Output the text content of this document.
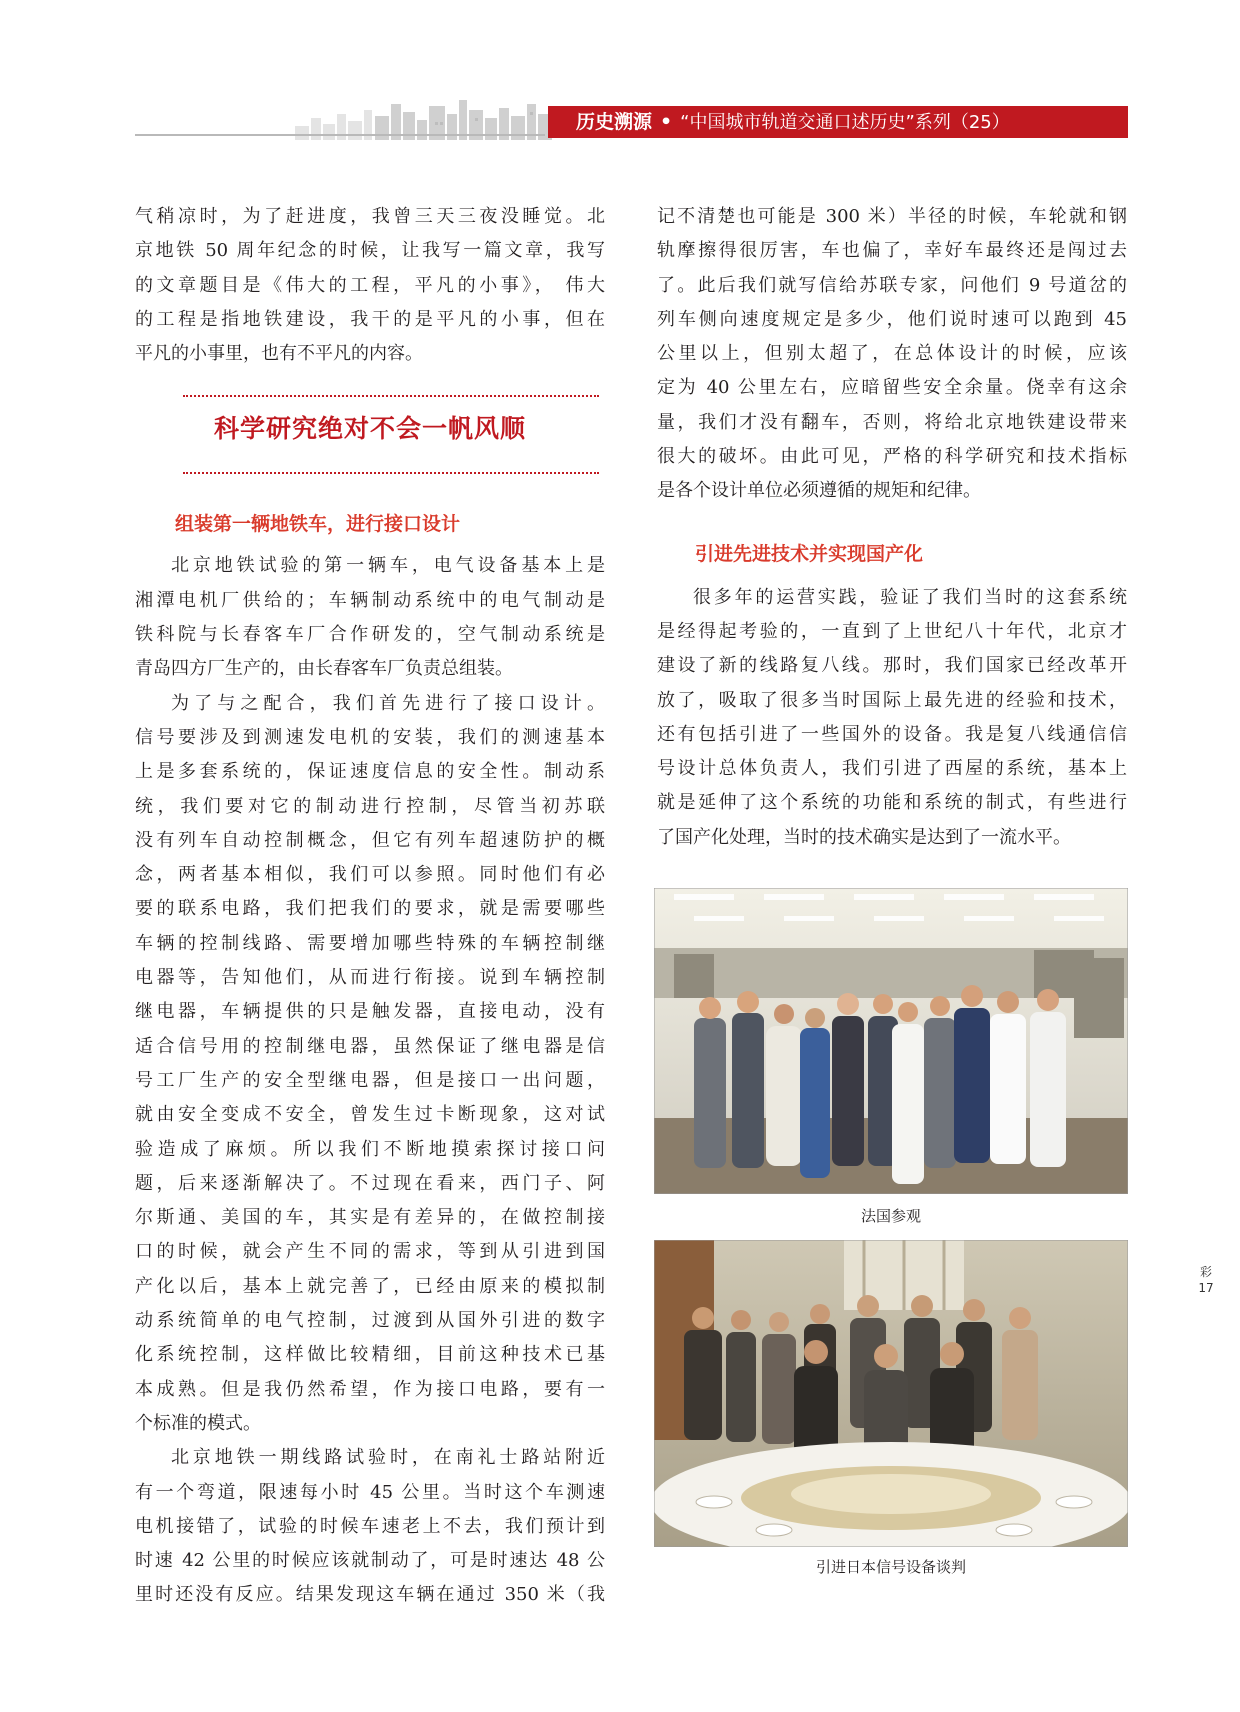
历史溯源 • “中国城市轨道交通口述历史”系列（25）

气稍凉时，为了赶进度，我曾三天三夜没睡觉。北

京地铁 50 周年纪念的时候，让我写一篇文章，我写

的文章题目是《伟大的工程，平凡的小事》， 伟大

的工程是指地铁建设，我干的是平凡的小事，但在

平凡的小事里，也有不平凡的内容。

科学研究绝对不会一帆风顺
组装第一辆地铁车，进行接口设计

北京地铁试验的第一辆车，电气设备基本上是

湘潭电机厂供给的；车辆制动系统中的电气制动是

铁科院与长春客车厂合作研发的，空气制动系统是

青岛四方厂生产的，由长春客车厂负责总组装。

为了与之配合，我们首先进行了接口设计。

信号要涉及到测速发电机的安装，我们的测速基本

上是多套系统的，保证速度信息的安全性。制动系

统，我们要对它的制动进行控制，尽管当初苏联

没有列车自动控制概念，但它有列车超速防护的概

念，两者基本相似，我们可以参照。同时他们有必

要的联系电路，我们把我们的要求，就是需要哪些

车辆的控制线路、需要增加哪些特殊的车辆控制继

电器等，告知他们，从而进行衔接。说到车辆控制

继电器，车辆提供的只是触发器，直接电动，没有

适合信号用的控制继电器，虽然保证了继电器是信

号工厂生产的安全型继电器，但是接口一出问题，

就由安全变成不安全，曾发生过卡断现象，这对试

验造成了麻烦。所以我们不断地摸索探讨接口问

题，后来逐渐解决了。不过现在看来，西门子、阿

尔斯通、美国的车，其实是有差异的，在做控制接

口的时候，就会产生不同的需求，等到从引进到国

产化以后，基本上就完善了，已经由原来的模拟制

动系统简单的电气控制，过渡到从国外引进的数字

化系统控制，这样做比较精细，目前这种技术已基

本成熟。但是我仍然希望，作为接口电路，要有一

个标准的模式。

北京地铁一期线路试验时，在南礼士路站附近

有一个弯道，限速每小时 45 公里。当时这个车测速

电机接错了，试验的时候车速老上不去，我们预计到

时速 42 公里的时候应该就制动了，可是时速达 48 公

里时还没有反应。结果发现这车辆在通过 350 米（我

记不清楚也可能是 300 米）半径的时候，车轮就和钢

轨摩擦得很厉害，车也偏了，幸好车最终还是闯过去

了。此后我们就写信给苏联专家，问他们 9 号道岔的

列车侧向速度规定是多少，他们说时速可以跑到 45

公里以上，但别太超了，在总体设计的时候，应该

定为 40 公里左右，应暗留些安全余量。侥幸有这余

量，我们才没有翻车，否则，将给北京地铁建设带来

很大的破坏。由此可见，严格的科学研究和技术指标

是各个设计单位必须遵循的规矩和纪律。

引进先进技术并实现国产化

很多年的运营实践，验证了我们当时的这套系统

是经得起考验的，一直到了上世纪八十年代，北京才

建设了新的线路复八线。那时，我们国家已经改革开

放了，吸取了很多当时国际上最先进的经验和技术，

还有包括引进了一些国外的设备。我是复八线通信信

号设计总体负责人，我们引进了西屋的系统，基本上

就是延伸了这个系统的功能和系统的制式，有些进行

了国产化处理，当时的技术确实是达到了一流水平。

法国参观
引进日本信号设备谈判
彩
17
